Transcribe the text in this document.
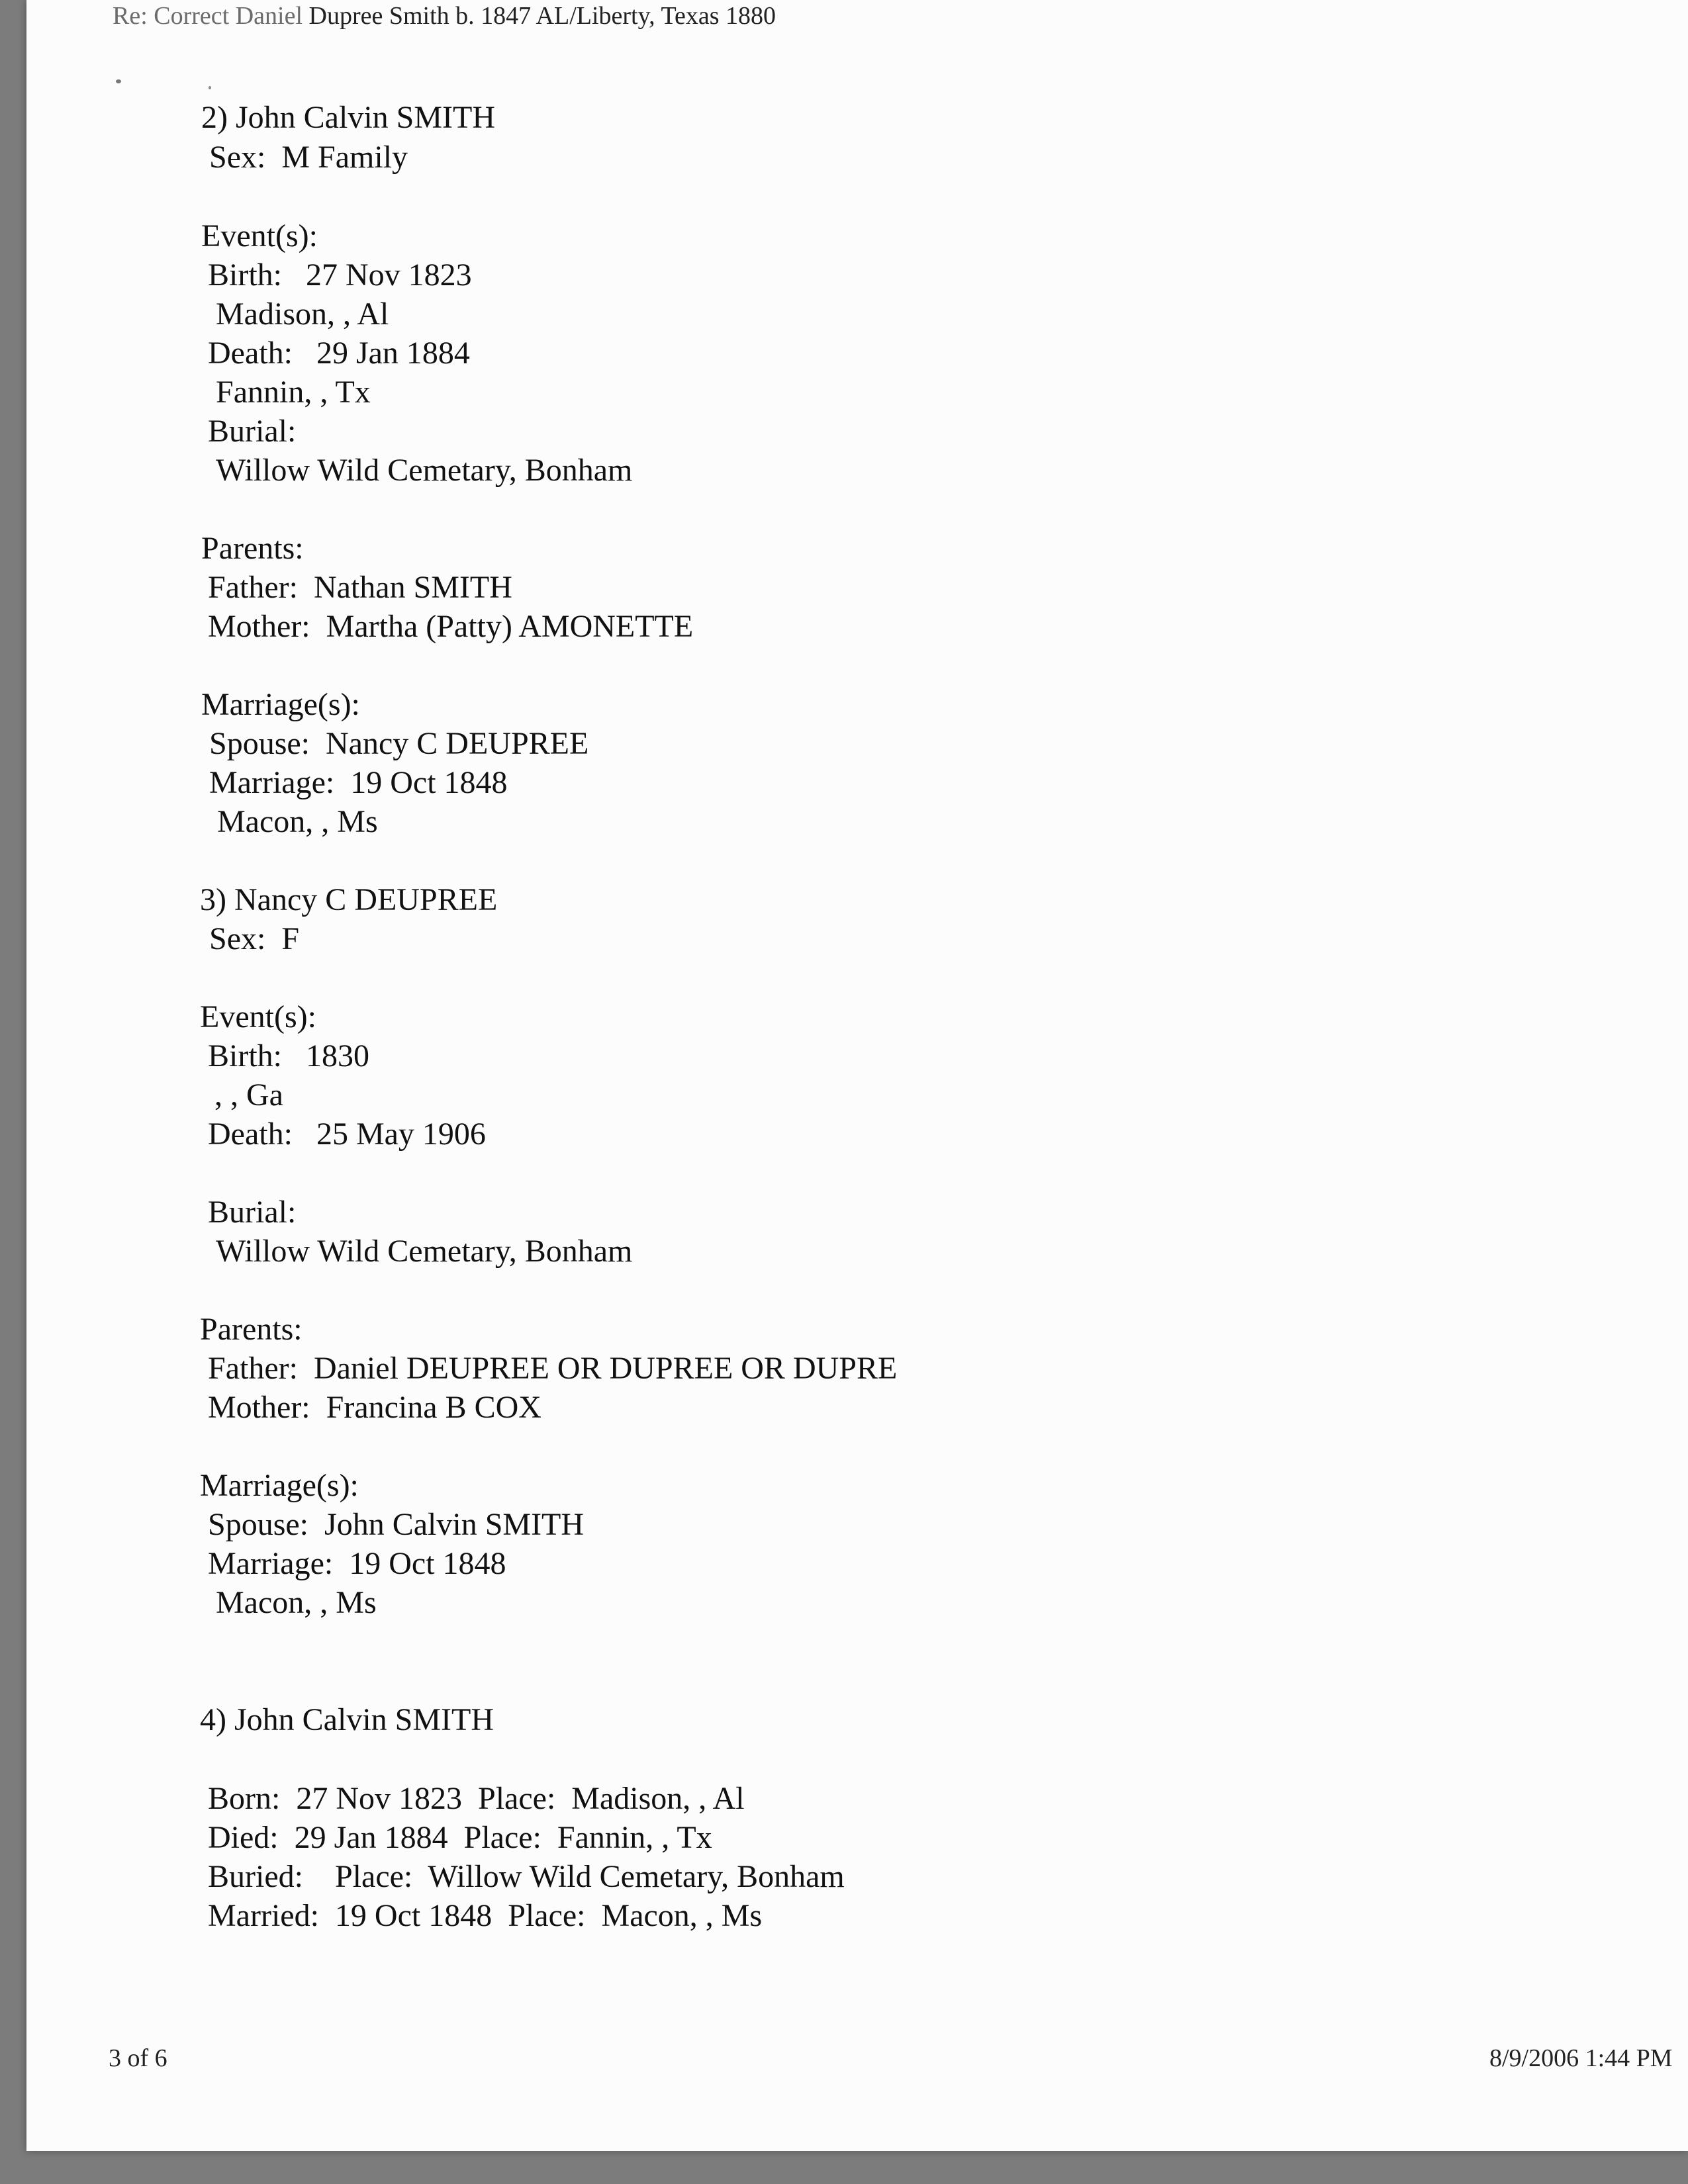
Re: Correct Daniel Dupree Smith b. 1847 AL/Liberty, Texas 1880
2) John Calvin SMITH
Sex:  M Family
Event(s):
Birth:   27 Nov 1823
Madison, , Al
Death:   29 Jan 1884
Fannin, , Tx
Burial:
Willow Wild Cemetary, Bonham
Parents:
Father:  Nathan SMITH
Mother:  Martha (Patty) AMONETTE
Marriage(s):
Spouse:  Nancy C DEUPREE
Marriage:  19 Oct 1848
Macon, , Ms
3) Nancy C DEUPREE
Sex:  F
Event(s):
Birth:   1830
, , Ga
Death:   25 May 1906
Burial:
Willow Wild Cemetary, Bonham
Parents:
Father:  Daniel DEUPREE OR DUPREE OR DUPRE
Mother:  Francina B COX
Marriage(s):
Spouse:  John Calvin SMITH
Marriage:  19 Oct 1848
Macon, , Ms
4) John Calvin SMITH
Born:  27 Nov 1823  Place:  Madison, , Al
Died:  29 Jan 1884  Place:  Fannin, , Tx
Buried:    Place:  Willow Wild Cemetary, Bonham
Married:  19 Oct 1848  Place:  Macon, , Ms
3 of 6	8/9/2006 1:44 PM
